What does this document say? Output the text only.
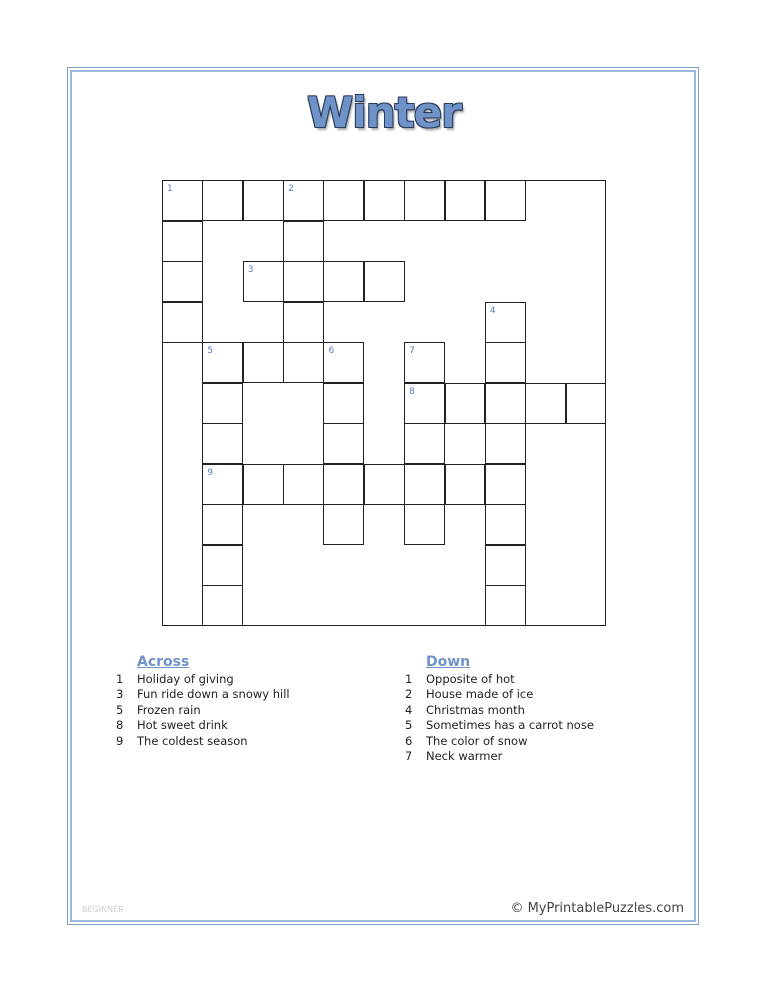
Winter
1	2
3
4
5	6	7
8
9
Across
1	Holiday of giving
3	Fun ride down a snowy hill
5	Frozen rain
8	Hot sweet drink
9	The coldest season
Down
1	Opposite of hot
2	House made of ice
4	Christmas month
5	Sometimes has a carrot nose
6	The color of snow
7	Neck warmer
BEGINNER	© MyPrintablePuzzles.com
